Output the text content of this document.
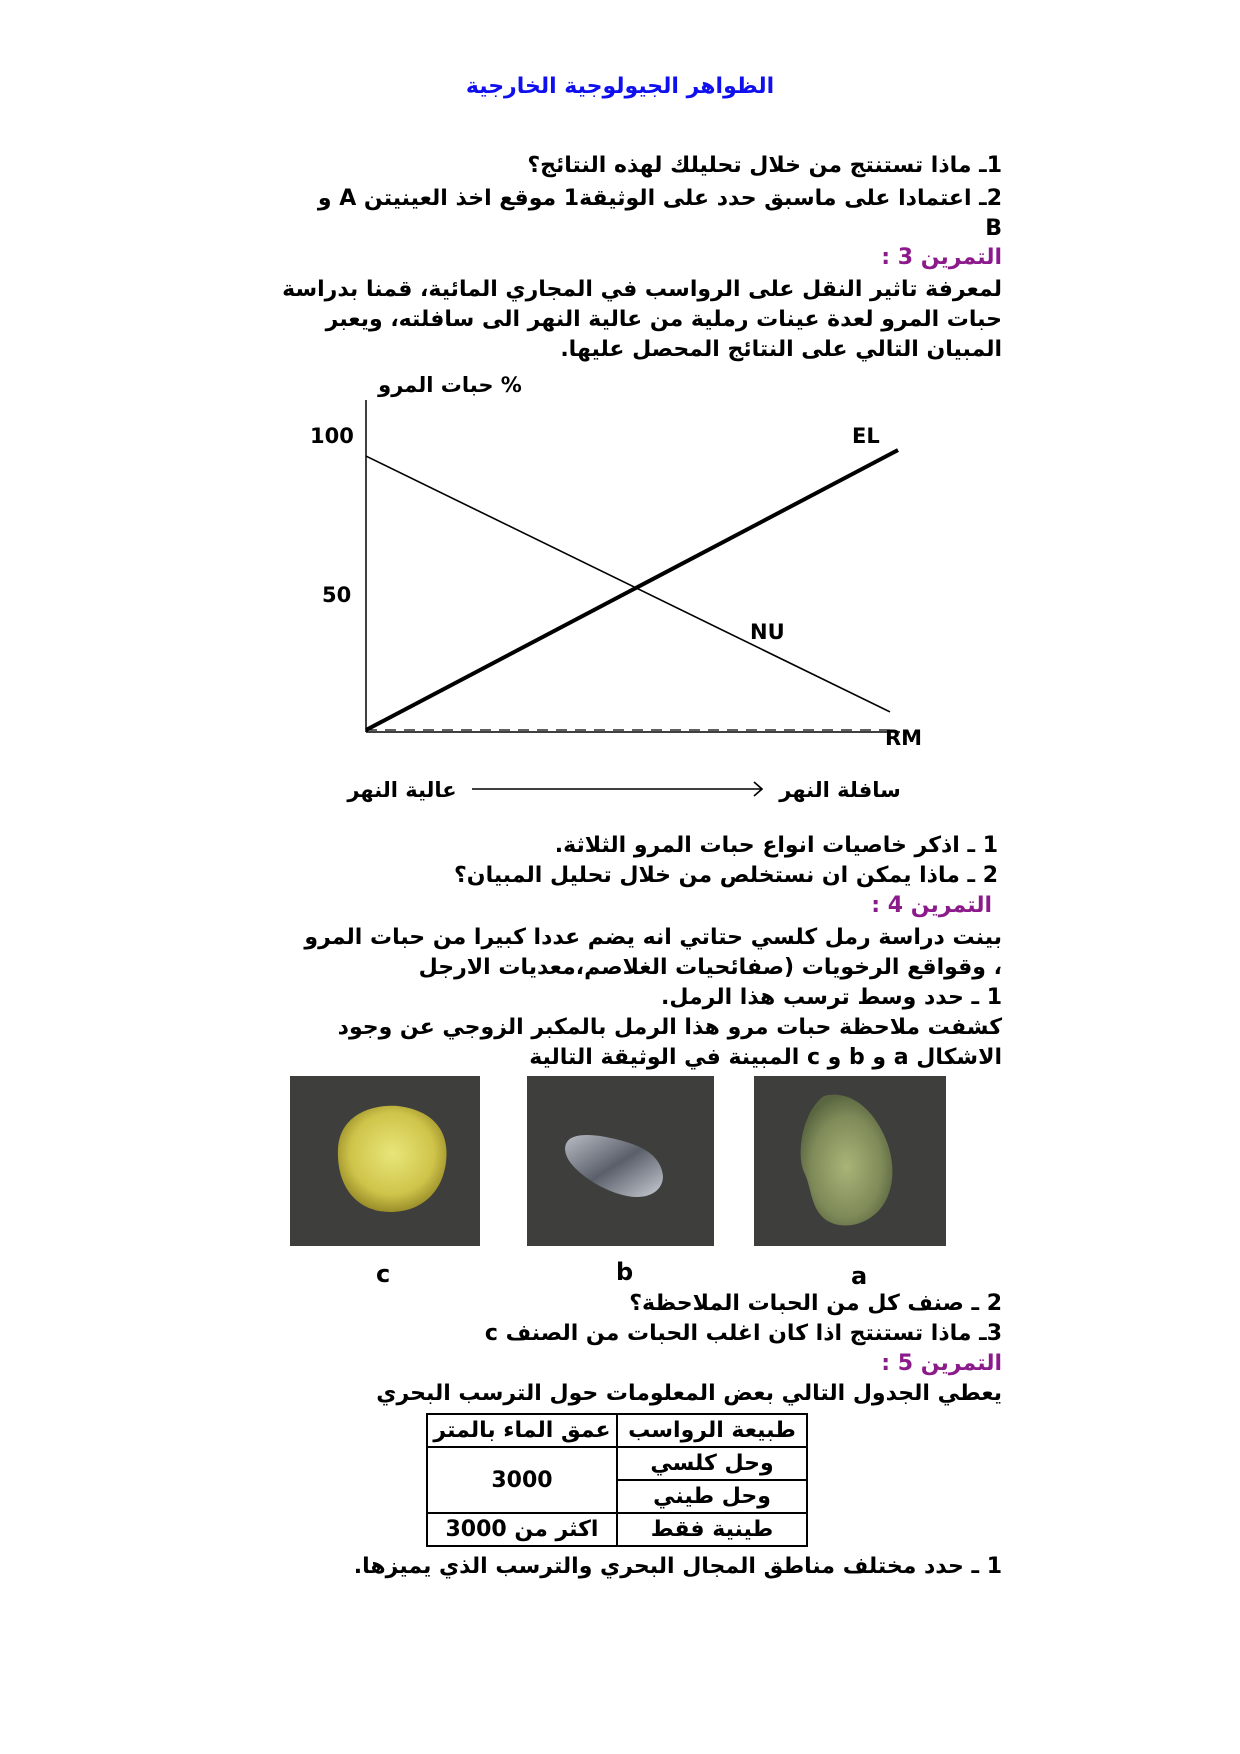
الظواهر الجيولوجية الخارجية
1ـ ماذا تستنتج من خلال تحليلك لهذه النتائج؟
2ـ اعتمادا على ماسبق حدد على الوثيقة1 موقع اخذ العينيتن A و
B
التمرين 3 :
لمعرفة تاثير النقل على الرواسب في المجاري المائية، قمنا بدراسة
حبات المرو لعدة عينات رملية من عالية النهر الى سافلته، ويعبر
المبيان التالي على النتائج المحصل عليها.
% حبات المرو
100
50
EL
NU
RM
عالية النهر	سافلة النهر
1 ـ اذكر خاصيات انواع حبات المرو الثلاثة.
2 ـ ماذا يمكن ان نستخلص من خلال تحليل المبيان؟
التمرين 4 :
بينت دراسة رمل كلسي حتاتي انه يضم عددا كبيرا من حبات المرو
، وقواقع الرخويات (صفائحيات الغلاصم،معديات الارجل
1 ـ حدد وسط ترسب هذا الرمل.
كشفت ملاحظة حبات مرو هذا الرمل بالمكبر الزوجي عن وجود
الاشكال a و b و c المبينة في الوثيقة التالية
c	b	a
2 ـ صنف كل من الحبات الملاحظة؟
3ـ ماذا تستنتج اذا كان اغلب الحبات من الصنف c
التمرين 5 :
يعطي الجدول التالي بعض المعلومات حول الترسب البحري
طبيعة الرواسب	عمق الماء بالمتر
وحل كلسي	3000
وحل طيني	
طينية فقط	اكثر من 3000
1 ـ حدد مختلف مناطق المجال البحري والترسب الذي يميزها.
